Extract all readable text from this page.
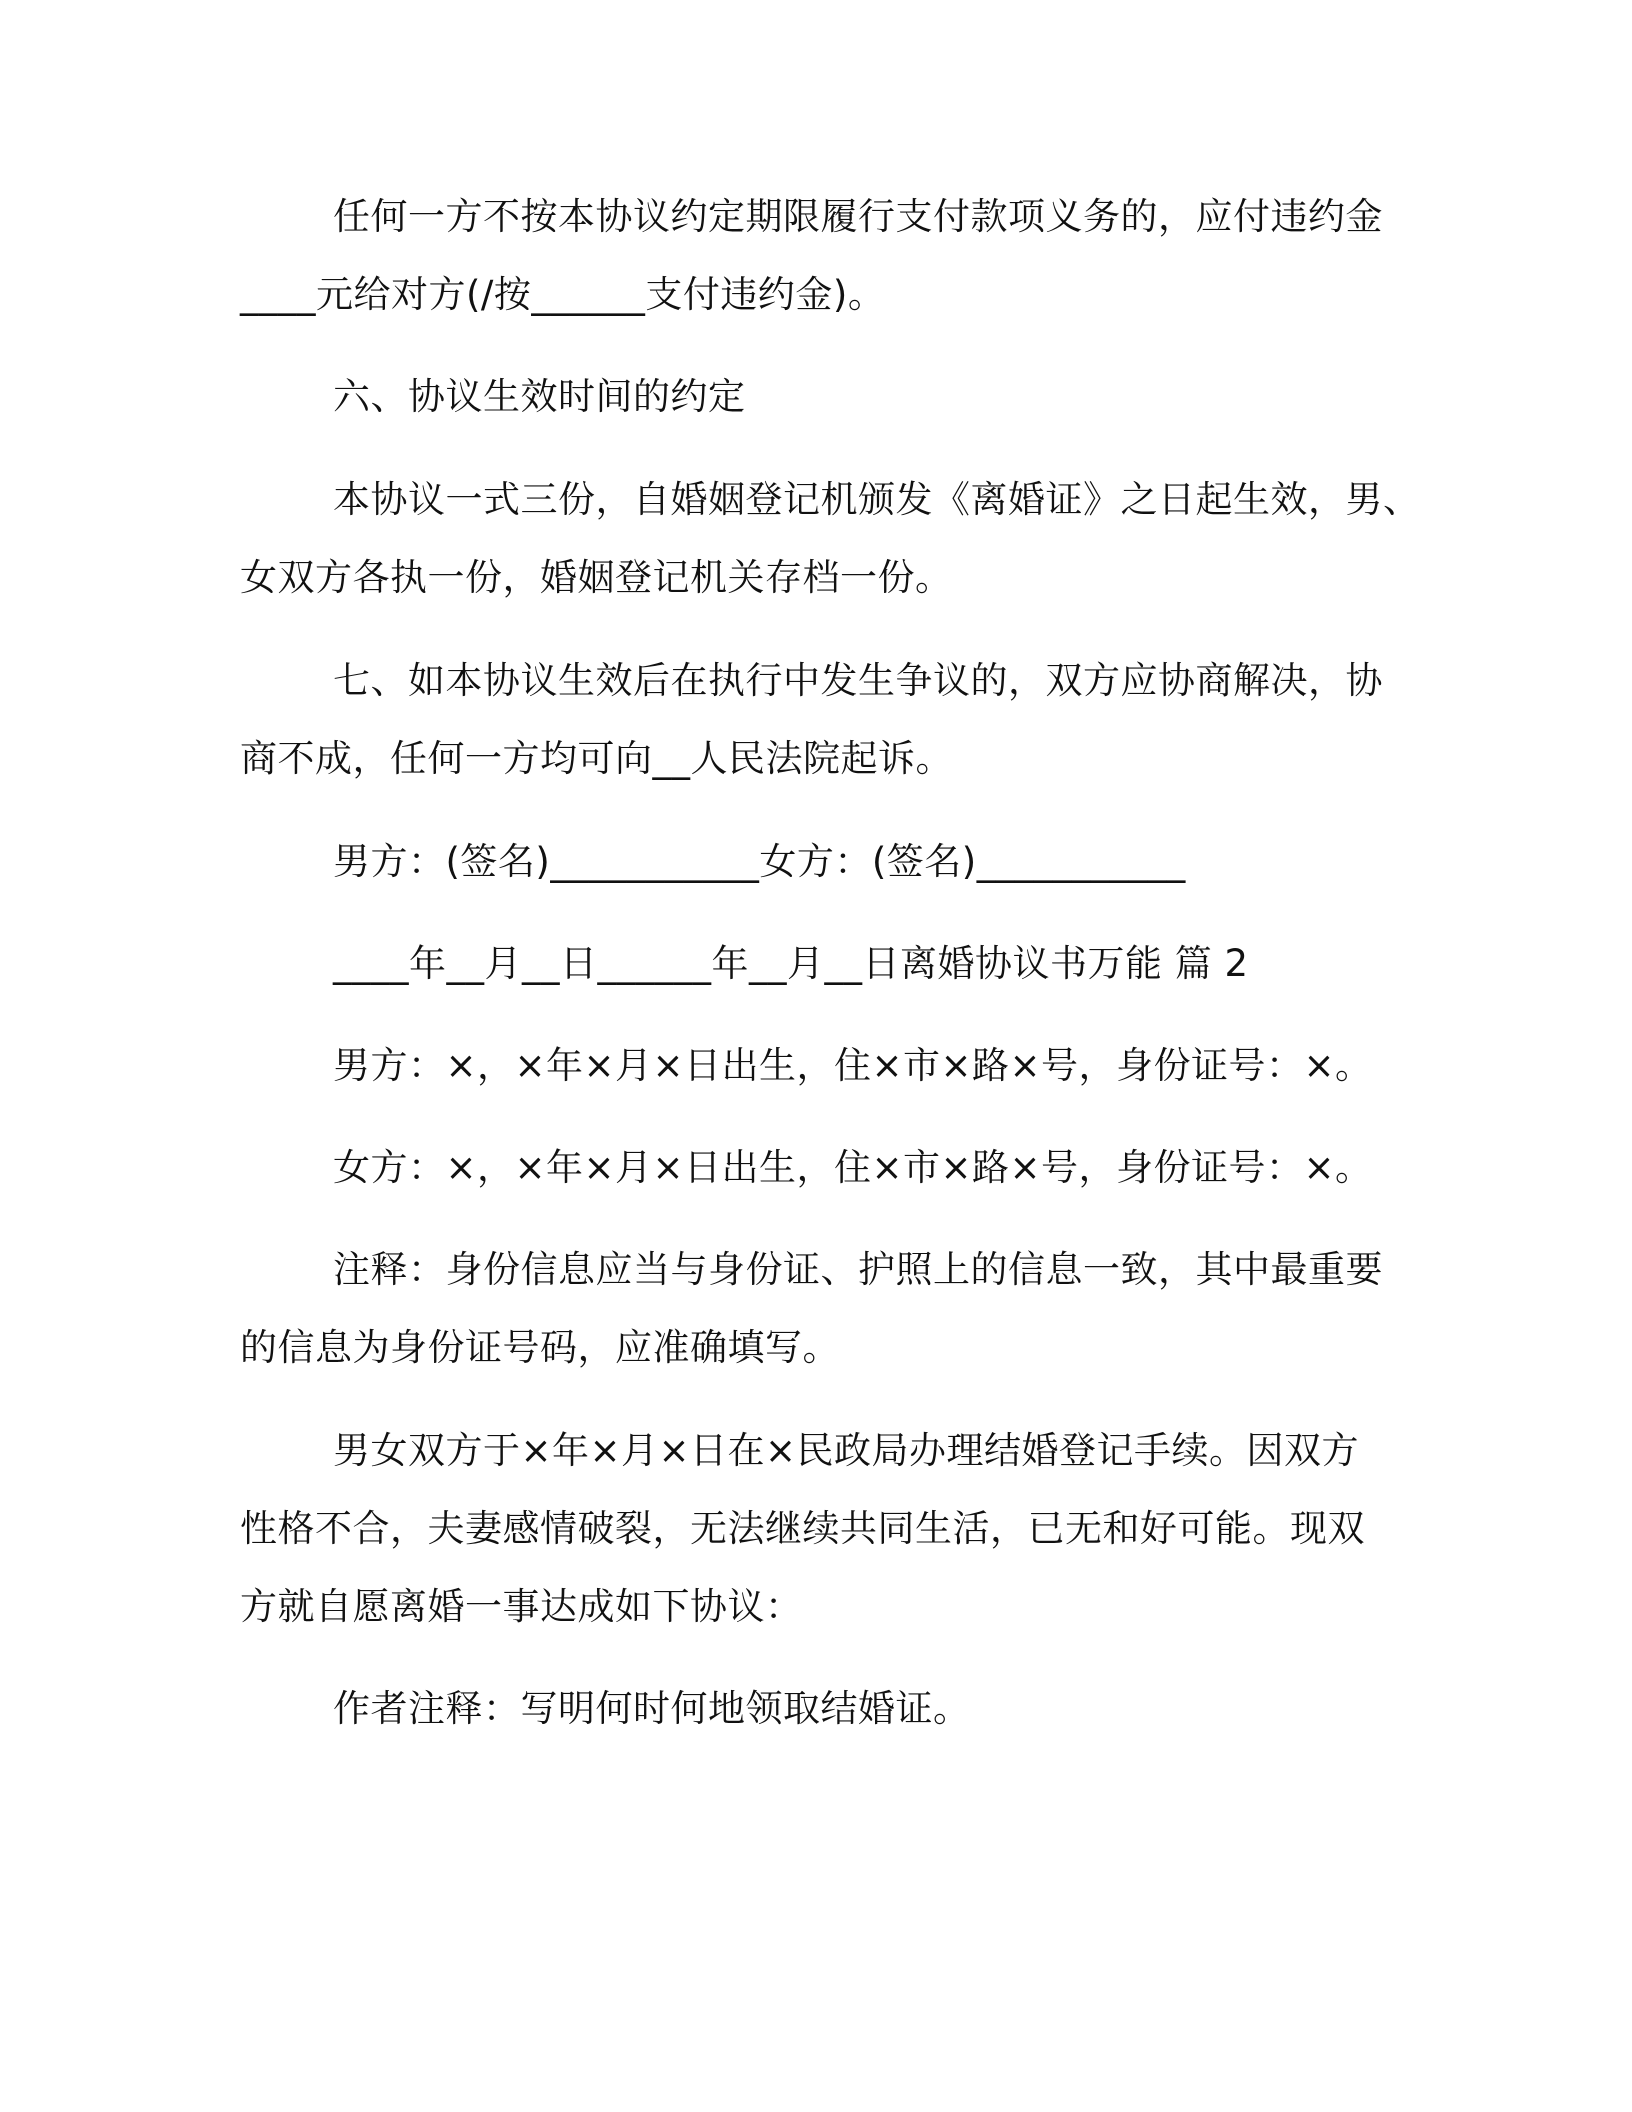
任何一方不按本协议约定期限履行支付款项义务的，应付违约金
____元给对方(/按______支付违约金)。
六、协议生效时间的约定
本协议一式三份，自婚姻登记机颁发《离婚证》之日起生效，男、
女双方各执一份，婚姻登记机关存档一份。
七、如本协议生效后在执行中发生争议的，双方应协商解决，协
商不成，任何一方均可向__人民法院起诉。
男方：(签名)___________女方：(签名)___________
____年__月__日______年__月__日离婚协议书万能 篇 2
男方：×，×年×月×日出生，住×市×路×号，身份证号：×。
女方：×，×年×月×日出生，住×市×路×号，身份证号：×。
注释：身份信息应当与身份证、护照上的信息一致，其中最重要
的信息为身份证号码，应准确填写。
男女双方于×年×月×日在×民政局办理结婚登记手续。因双方
性格不合，夫妻感情破裂，无法继续共同生活，已无和好可能。现双
方就自愿离婚一事达成如下协议：
作者注释：写明何时何地领取结婚证。
